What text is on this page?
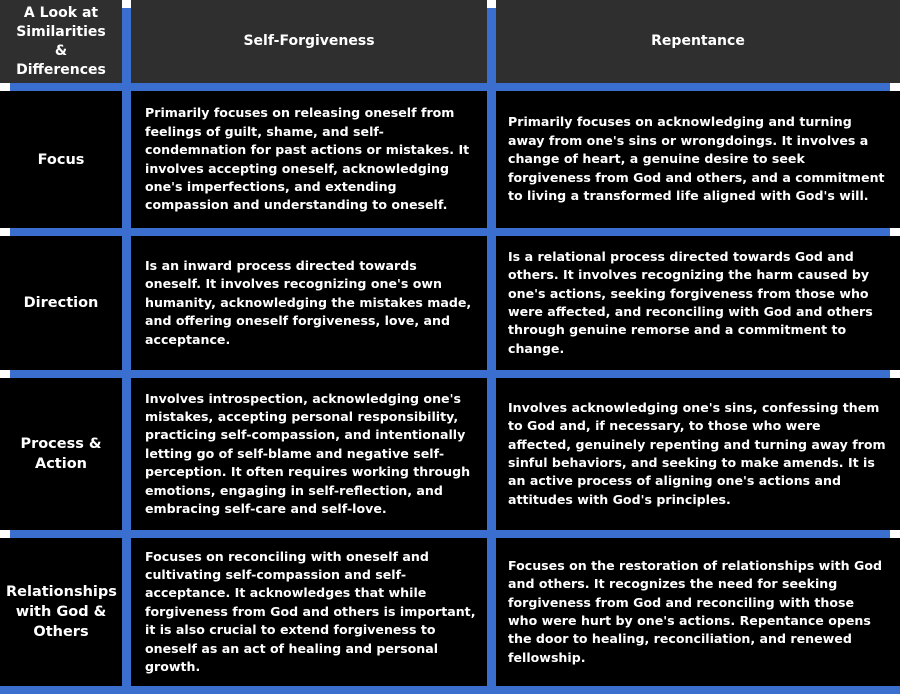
A Look at Similarities & Differences
Self-Forgiveness	Repentance
Focus
Primarily focuses on releasing oneself from feelings of guilt, shame, and self-condemnation for past actions or mistakes. It involves accepting oneself, acknowledging one's imperfections, and extending compassion and understanding to oneself.
Primarily focuses on acknowledging and turning away from one's sins or wrongdoings. It involves a change of heart, a genuine desire to seek forgiveness from God and others, and a commitment to living a transformed life aligned with God's will.
Direction
Is an inward process directed towards oneself. It involves recognizing one's own humanity, acknowledging the mistakes made, and offering oneself forgiveness, love, and acceptance.
Is a relational process directed towards God and others. It involves recognizing the harm caused by one's actions, seeking forgiveness from those who were affected, and reconciling with God and others through genuine remorse and a commitment to change.
Process & Action
Involves introspection, acknowledging one's mistakes, accepting personal responsibility, practicing self-compassion, and intentionally letting go of self-blame and negative self-perception. It often requires working through emotions, engaging in self-reflection, and embracing self-care and self-love.
Involves acknowledging one's sins, confessing them to God and, if necessary, to those who were affected, genuinely repenting and turning away from sinful behaviors, and seeking to make amends. It is an active process of aligning one's actions and attitudes with God's principles.
Relationships with God & Others
Focuses on reconciling with oneself and cultivating self-compassion and self-acceptance. It acknowledges that while forgiveness from God and others is important, it is also crucial to extend forgiveness to oneself as an act of healing and personal growth.
Focuses on the restoration of relationships with God and others. It recognizes the need for seeking forgiveness from God and reconciling with those who were hurt by one's actions. Repentance opens the door to healing, reconciliation, and renewed fellowship.
